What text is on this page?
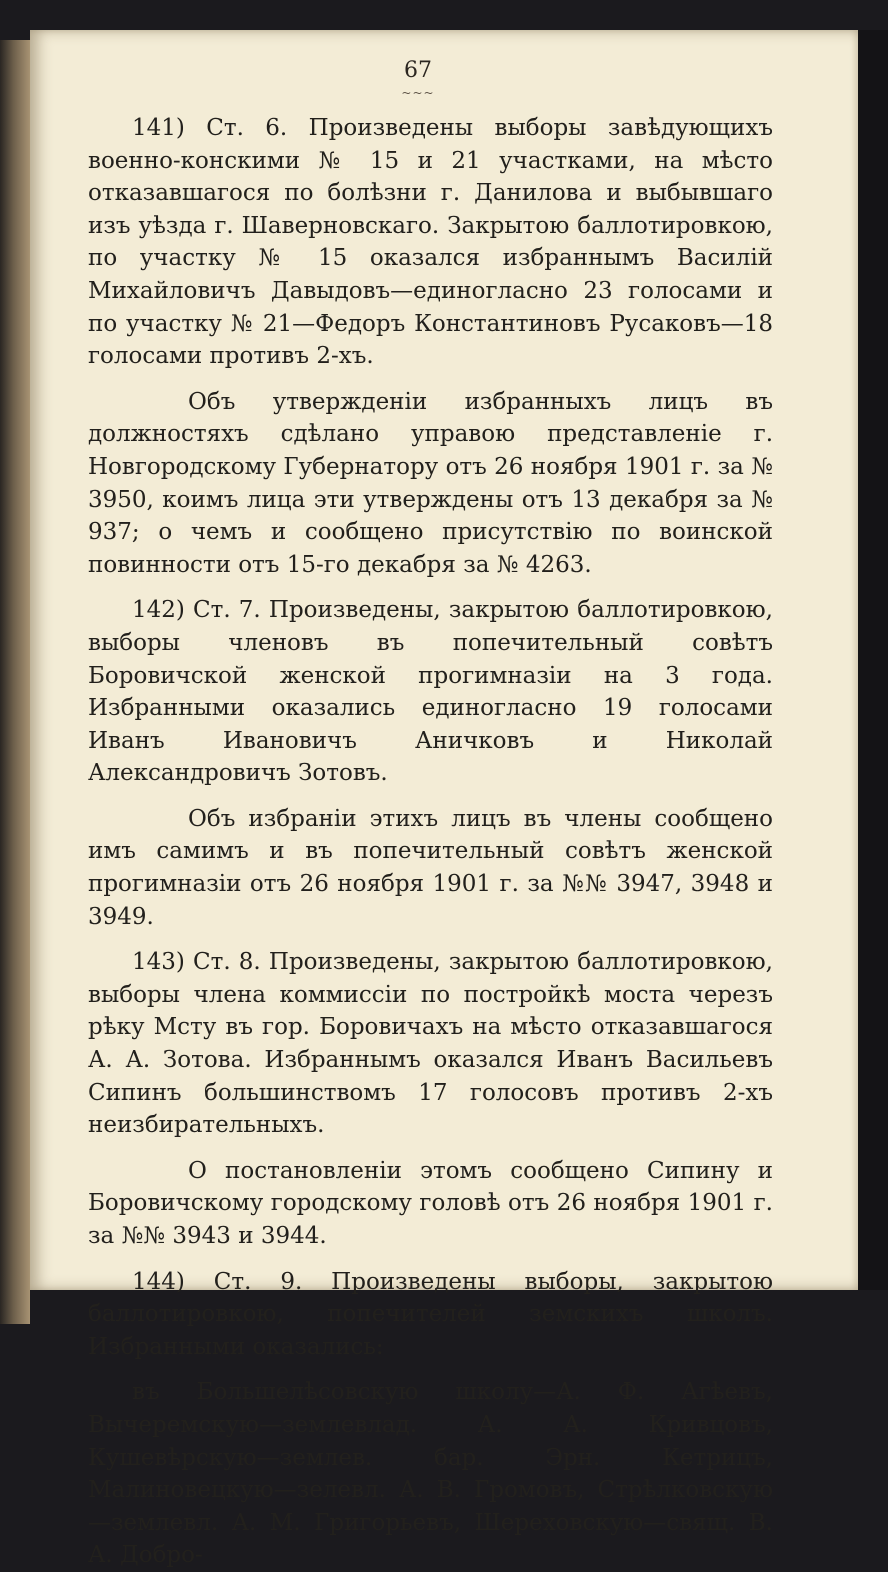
67
~~~

141) Ст. 6. Произведены выборы завѣдующихъ военно-конскими № 15 и 21 участками, на мѣсто отказавшагося по болѣзни г. Данилова и выбывшаго изъ уѣзда г. Шаверновскаго. Закрытою баллотировкою, по участку № 15 оказался избраннымъ Василій Михайловичъ Давыдовъ—единогласно 23 голосами и по участку № 21—Федоръ Константиновъ Русаковъ—18 голосами противъ 2-хъ.

Объ утвержденіи избранныхъ лицъ въ должностяхъ сдѣлано управою представленіе г. Новгородскому Губернатору отъ 26 ноября 1901 г. за № 3950, коимъ лица эти утверждены отъ 13 декабря за № 937; о чемъ и сообщено присутствію по воинской повинности отъ 15-го декабря за № 4263.

142) Ст. 7. Произведены, закрытою баллотировкою, выборы членовъ въ попечительный совѣтъ Боровичской женской прогимназіи на 3 года. Избранными оказались единогласно 19 голосами Иванъ Ивановичъ Аничковъ и Николай Александровичъ Зотовъ.

Объ избраніи этихъ лицъ въ члены сообщено имъ самимъ и въ попечительный совѣтъ женской прогимназіи отъ 26 ноября 1901 г. за №№ 3947, 3948 и 3949.

143) Ст. 8. Произведены, закрытою баллотировкою, выборы члена коммиссіи по постройкѣ моста черезъ рѣку Мсту въ гор. Боровичахъ на мѣсто отказавшагося А. А. Зотова. Избраннымъ оказался Иванъ Васильевъ Сипинъ большинствомъ 17 голосовъ противъ 2-хъ неизбирательныхъ.

О постановленіи этомъ сообщено Сипину и Боровичскому городскому головѣ отъ 26 ноября 1901 г. за №№ 3943 и 3944.

144) Ст. 9. Произведены выборы, закрытою баллотировкою, попечителей земскихъ школъ. Избранными оказались:

въ Большелѣсовскую школу—А. Ф. Агѣевъ, Вычеремскую—землевлад. А. А. Кривцовъ, Кушевѣрскую—землев. бар. Эрн. Кетрицъ, Малиновецкую—зелевл. А. В. Громовъ, Стрѣлковскую—землевл. А. М. Григорьевъ, Шереховскую—свящ. В. А. Добро-
